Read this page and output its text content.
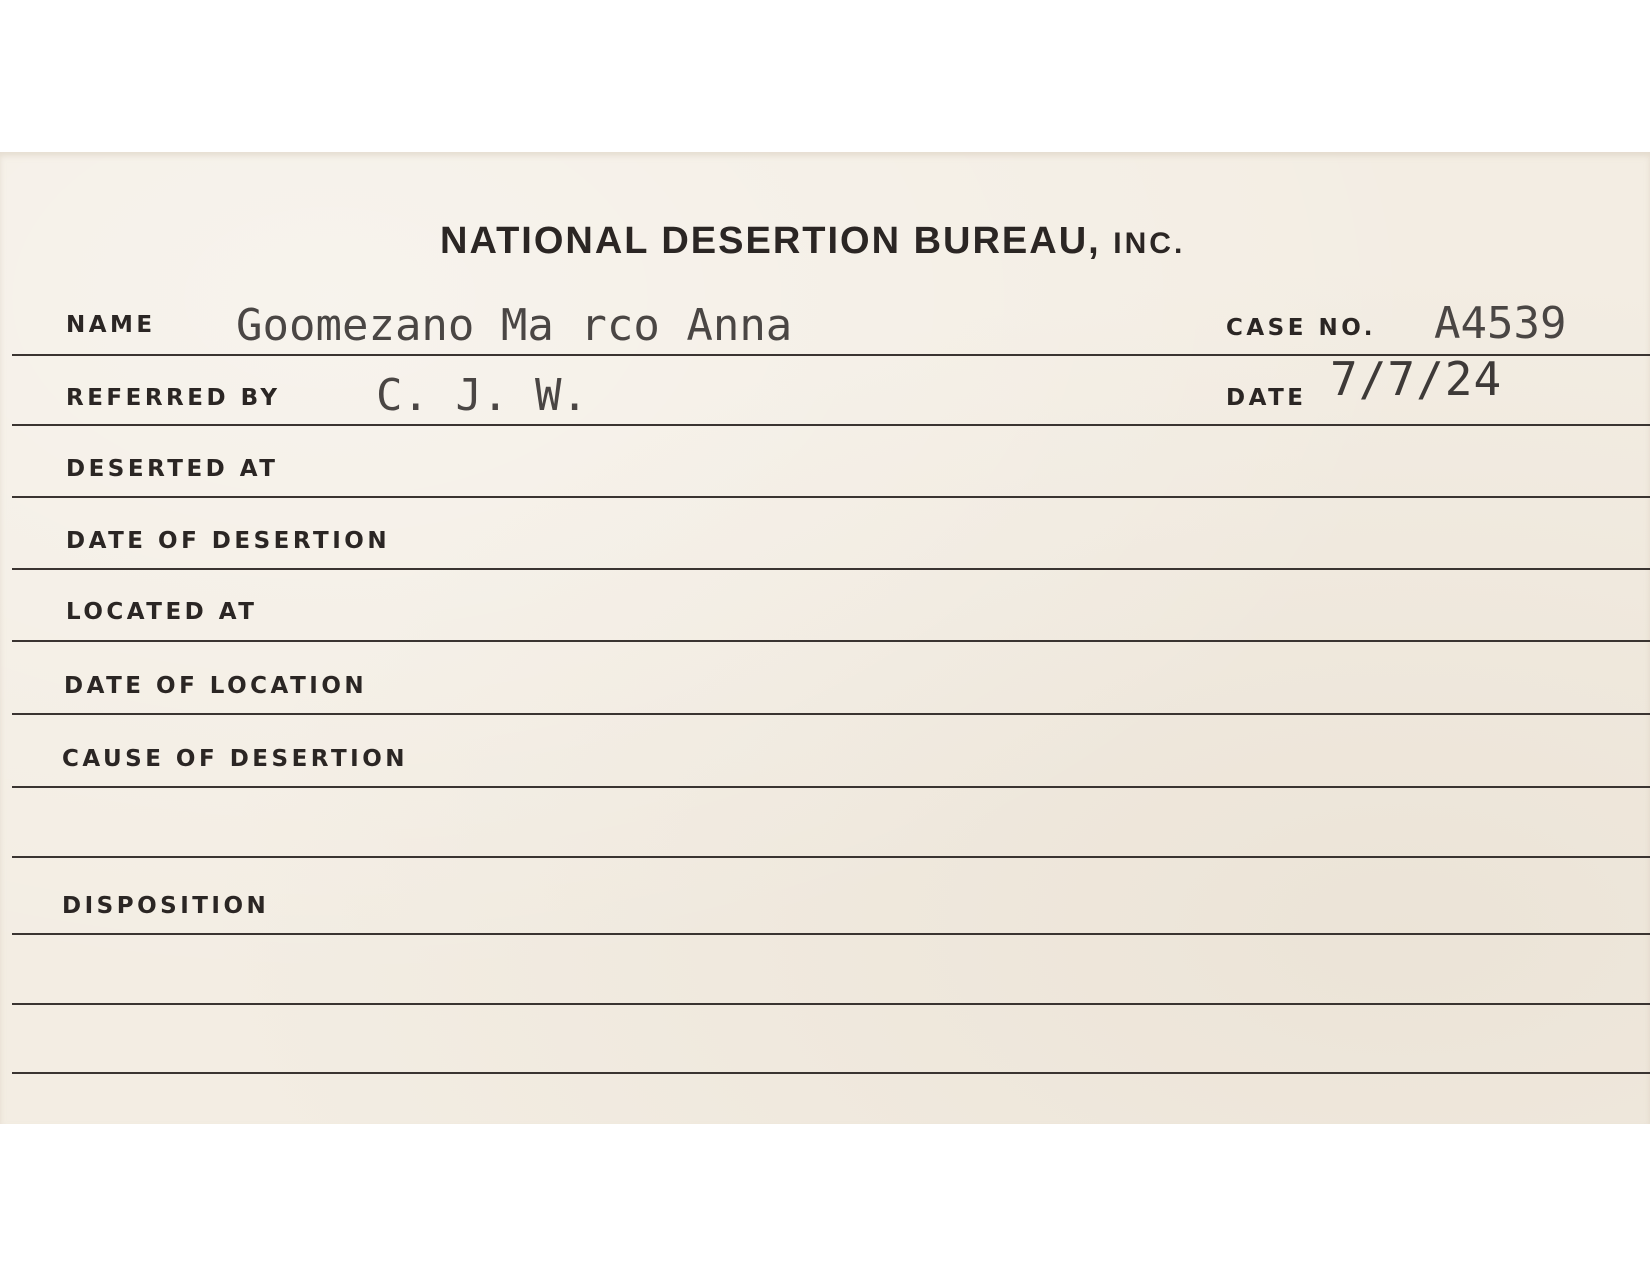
NATIONAL DESERTION BUREAU, INC.
NAME Goomezano Ma rco Anna	CASE NO. A4539
REFERRED BY C. J. W.	DATE 7/7/24
DESERTED AT
DATE OF DESERTION
LOCATED AT
DATE OF LOCATION
CAUSE OF DESERTION
DISPOSITION
